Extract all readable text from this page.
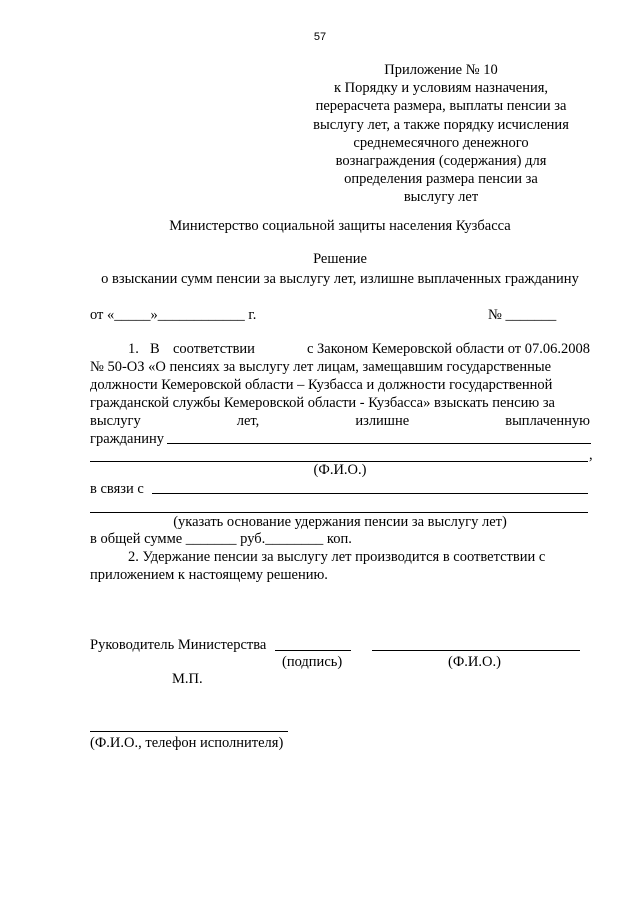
57
Приложение № 10
к Порядку и условиям назначения,
перерасчета размера, выплаты пенсии за
выслугу лет, а также порядку исчисления
среднемесячного денежного
вознаграждения (содержания) для
определения размера пенсии за
выслугу лет
Министерство социальной защиты населения Кузбасса
Решение
о взыскании сумм пенсии за выслугу лет, излишне выплаченных гражданину
от «_____»____________ г.	№ _______
1. В соответствии	с Законом Кемеровской области от 07.06.2008
№ 50-ОЗ «О пенсиях за выслугу лет лицам, замещавшим государственные
должности Кемеровской области – Кузбасса и должности государственной
гражданской службы Кемеровской области - Кузбасса» взыскать пенсию за
выслугу	лет,	излишне	выплаченную
гражданину
,
(Ф.И.О.)
в связи с
(указать основание удержания пенсии за выслугу лет)
в общей сумме _______ руб.________ коп.
2. Удержание пенсии за выслугу лет производится в соответствии с
приложением к настоящему решению.
Руководитель Министерства
(подпись)	(Ф.И.О.)
М.П.
(Ф.И.О., телефон исполнителя)
